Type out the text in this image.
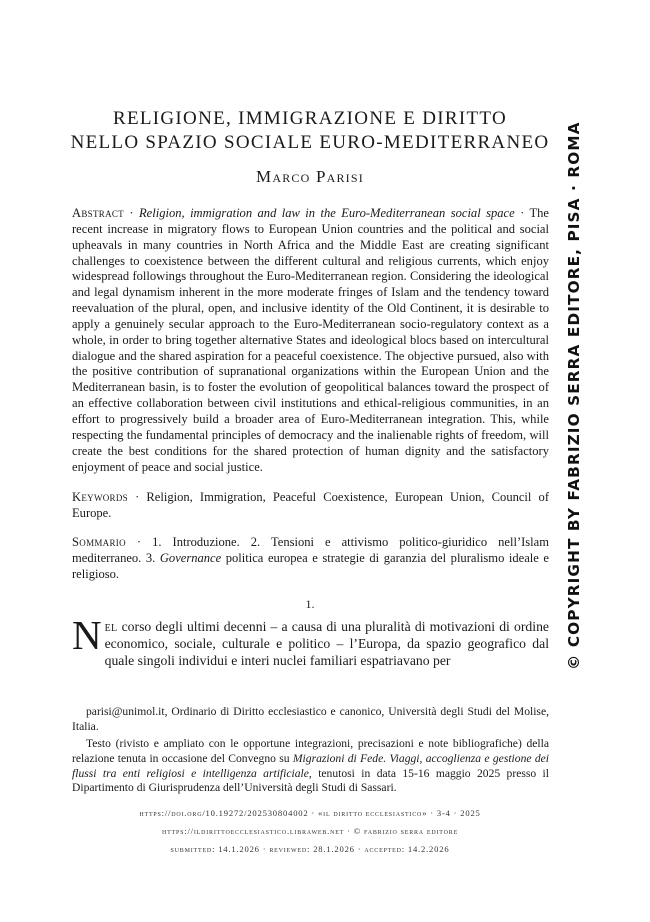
RELIGIONE, IMMIGRAZIONE E DIRITTO
NELLO SPAZIO SOCIALE EURO-MEDITERRANEO
Marco Parisi
Abstract · Religion, immigration and law in the Euro-Mediterranean social space · The recent increase in migratory flows to European Union countries and the political and social upheavals in many countries in North Africa and the Middle East are creating significant challenges to coexistence between the different cultural and religious currents, which enjoy widespread followings throughout the Euro-Mediterranean region. Considering the ideological and legal dynamism inherent in the more moderate fringes of Islam and the tendency toward reevaluation of the plural, open, and inclusive identity of the Old Continent, it is desirable to apply a genuinely secular approach to the Euro-Mediterranean socio-regulatory context as a whole, in order to bring together alternative States and ideological blocs based on intercultural dialogue and the shared aspiration for a peaceful coexistence. The objective pursued, also with the positive contribution of supranational organizations within the European Union and the Mediterranean basin, is to foster the evolution of geopolitical balances toward the prospect of an effective collaboration between civil institutions and ethical-religious communities, in an effort to progressively build a broader area of Euro-Mediterranean integration. This, while respecting the fundamental principles of democracy and the inalienable rights of freedom, will create the best conditions for the shared protection of human dignity and the satisfactory enjoyment of peace and social justice.
Keywords · Religion, Immigration, Peaceful Coexistence, European Union, Council of Europe.
Sommario · 1. Introduzione. 2. Tensioni e attivismo politico-giuridico nell’Islam mediterraneo. 3. Governance politica europea e strategie di garanzia del pluralismo ideale e religioso.
1.
Nel corso degli ultimi decenni – a causa di una pluralità di motivazioni di ordine economico, sociale, culturale e politico – l’Europa, da spazio geografico dal quale singoli individui e interi nuclei familiari espatriavano per
parisi@unimol.it, Ordinario di Diritto ecclesiastico e canonico, Università degli Studi del Molise, Italia.
Testo (rivisto e ampliato con le opportune integrazioni, precisazioni e note bibliografiche) della relazione tenuta in occasione del Convegno su Migrazioni di Fede. Viaggi, accoglienza e gestione dei flussi tra enti religiosi e intelligenza artificiale, tenutosi in data 15-16 maggio 2025 presso il Dipartimento di Giurisprudenza dell’Università degli Studi di Sassari.
https://doi.org/10.19272/202530804002 · «il diritto ecclesiastico» · 3-4 · 2025
https://ildirittoecclesiastico.libraweb.net · © fabrizio serra editore
submitted: 14.1.2026 · reviewed: 28.1.2026 · accepted: 14.2.2026
© COPYRIGHT BY FABRIZIO SERRA EDITORE, PISA · ROMA
